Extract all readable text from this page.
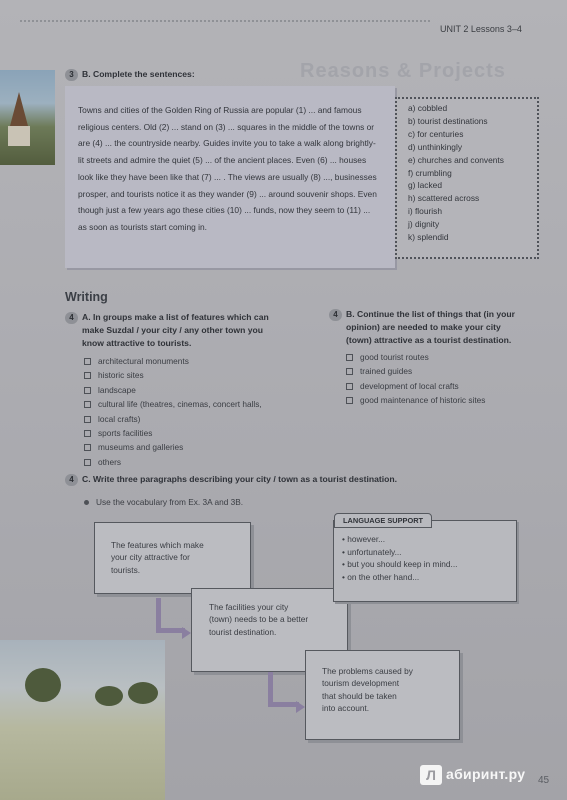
UNIT 2 Lessons 3–4
Reasons & Projects
3 B. Complete the sentences:

Towns and cities of the Golden Ring of Russia are popular (1) ... and famous religious centers. Old (2) ... stand on (3) ... squares in the middle of the towns or are (4) ... the countryside nearby. Guides invite you to take a walk along brightly-lit streets and admire the quiet (5) ... of the ancient places. Even (6) ... houses look like they have been like that (7) ... . The views are usually (8) ..., businesses prosper, and tourists notice it as they wander (9) ... around souvenir shops. Even though just a few years ago these cities (10) ... funds, now they seem to (11) ... as soon as tourists start coming in.

a) cobbled
b) tourist destinations
c) for centuries
d) unthinkingly
e) churches and convents
f) crumbling
g) lacked
h) scattered across
i) flourish
j) dignity
k) splendid
Writing
4 A. In groups make a list of features which can
make Suzdal / your city / any other town you
know attractive to tourists.
architectural monuments
historic sites
landscape
cultural life (theatres, cinemas, concert halls,
local crafts)
sports facilities
museums and galleries
others
4 B. Continue the list of things that (in your
opinion) are needed to make your city
(town) attractive as a tourist destination.
good tourist routes
trained guides
development of local crafts
good maintenance of historic sites
4 C. Write three paragraphs describing your city / town as a tourist destination.
Use the vocabulary from Ex. 3A and 3B.
The features which make
your city attractive for
tourists.
The facilities your city
(town) needs to be a better
tourist destination.
The problems caused by
tourism development
that should be taken
into account.
LANGUAGE SUPPORT
• however...
• unfortunately...
• but you should keep in mind...
• on the other hand...
Л абиринт.ру 45
